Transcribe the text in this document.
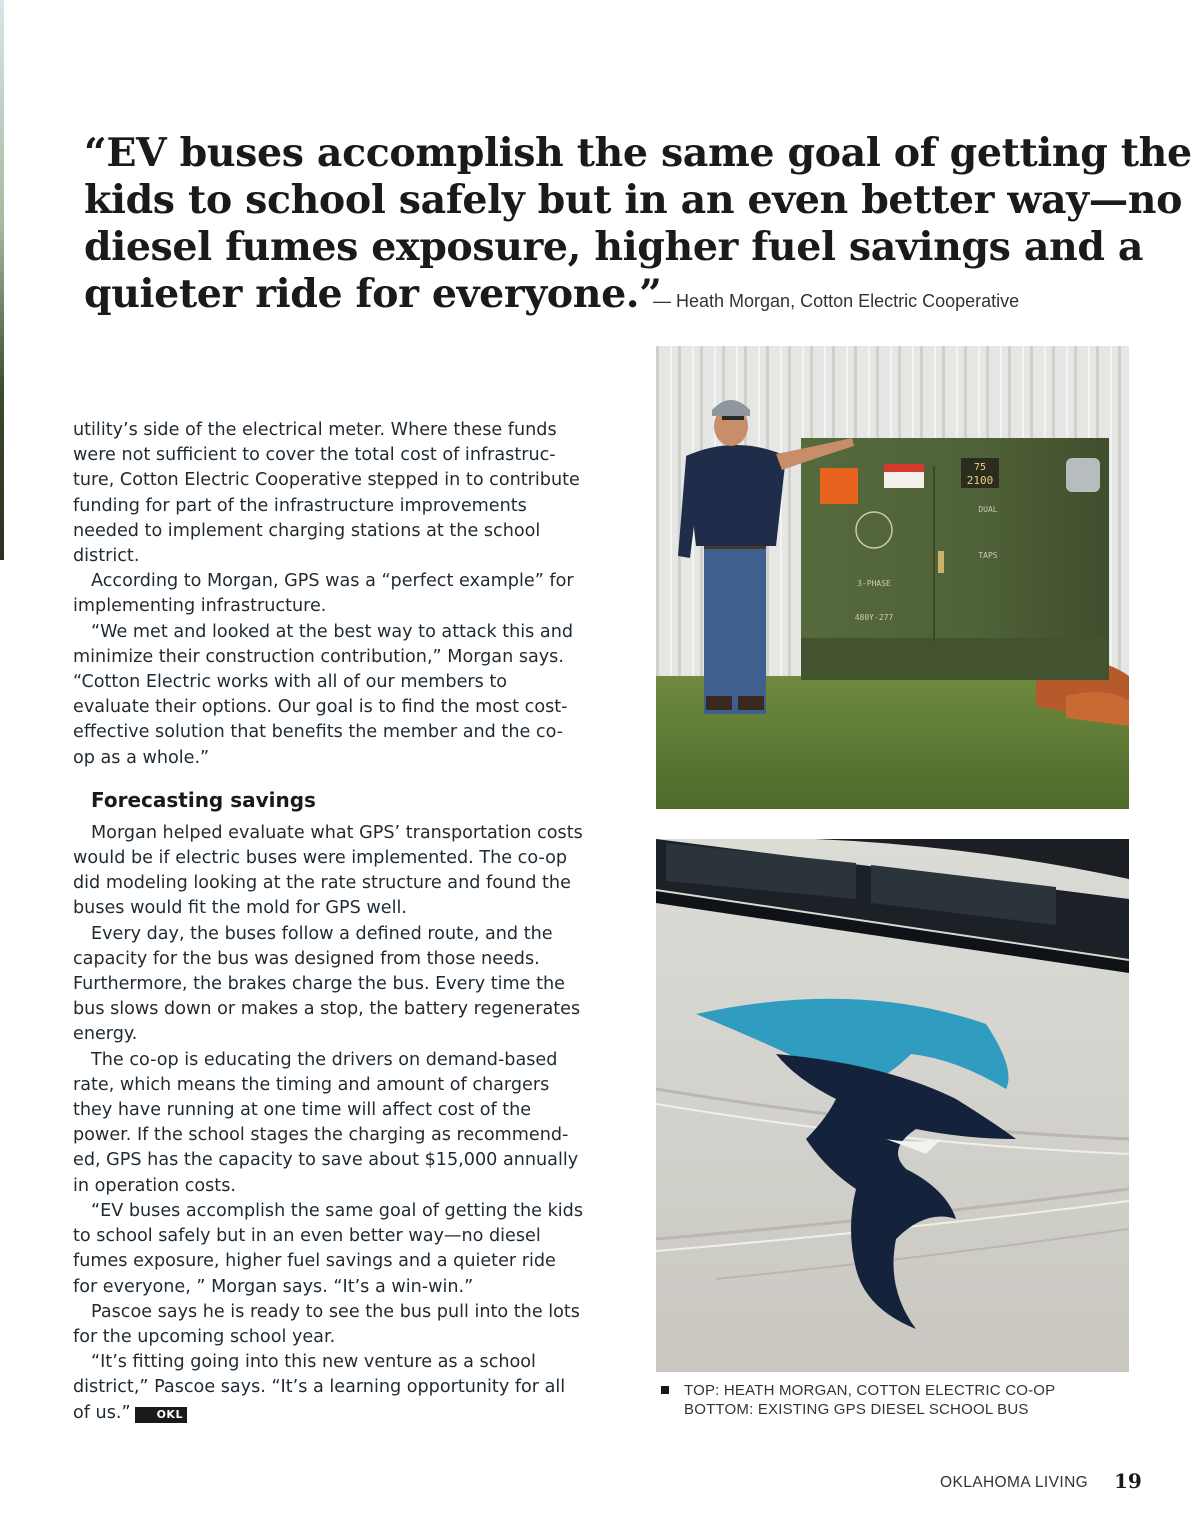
“EV buses accomplish the same goal of getting the
kids to school safely but in an even better way—no
diesel fumes exposure, higher fuel savings and a
quieter ride for everyone.”
— Heath Morgan, Cotton Electric Cooperative

utility’s side of the electrical meter. Where these funds were not sufficient to cover the total cost of infrastructure, Cotton Electric Cooperative stepped in to contribute funding for part of the infrastructure improvements needed to implement charging stations at the school district.

According to Morgan, GPS was a “perfect example” for implementing infrastructure.

“We met and looked at the best way to attack this and minimize their construction contribution,” Morgan says. “Cotton Electric works with all of our members to evaluate their options. Our goal is to find the most cost-effective solution that benefits the member and the co-op as a whole.”

Forecasting savings

Morgan helped evaluate what GPS’ transportation costs would be if electric buses were implemented. The co-op did modeling looking at the rate structure and found the buses would fit the mold for GPS well.

Every day, the buses follow a defined route, and the capacity for the bus was designed from those needs. Furthermore, the brakes charge the bus. Every time the bus slows down or makes a stop, the battery regenerates energy.

The co-op is educating the drivers on demand-based rate, which means the timing and amount of chargers they have running at one time will affect cost of the power. If the school stages the charging as recommended, GPS has the capacity to save about $15,000 annually in operation costs.

“EV buses accomplish the same goal of getting the kids to school safely but in an even better way—no diesel fumes exposure, higher fuel savings and a quieter ride for everyone, ” Morgan says. “It’s a win-win.”

Pascoe says he is ready to see the bus pull into the lots for the upcoming school year.

“It’s fitting going into this new venture as a school district,” Pascoe says. “It’s a learning opportunity for all of us.” OKL

75
2100
DUAL
TAPS
3-PHASE
480Y-277
TOP: HEATH MORGAN, COTTON ELECTRIC CO-OP
BOTTOM: EXISTING GPS DIESEL SCHOOL BUS
OKLAHOMA LIVING 19
